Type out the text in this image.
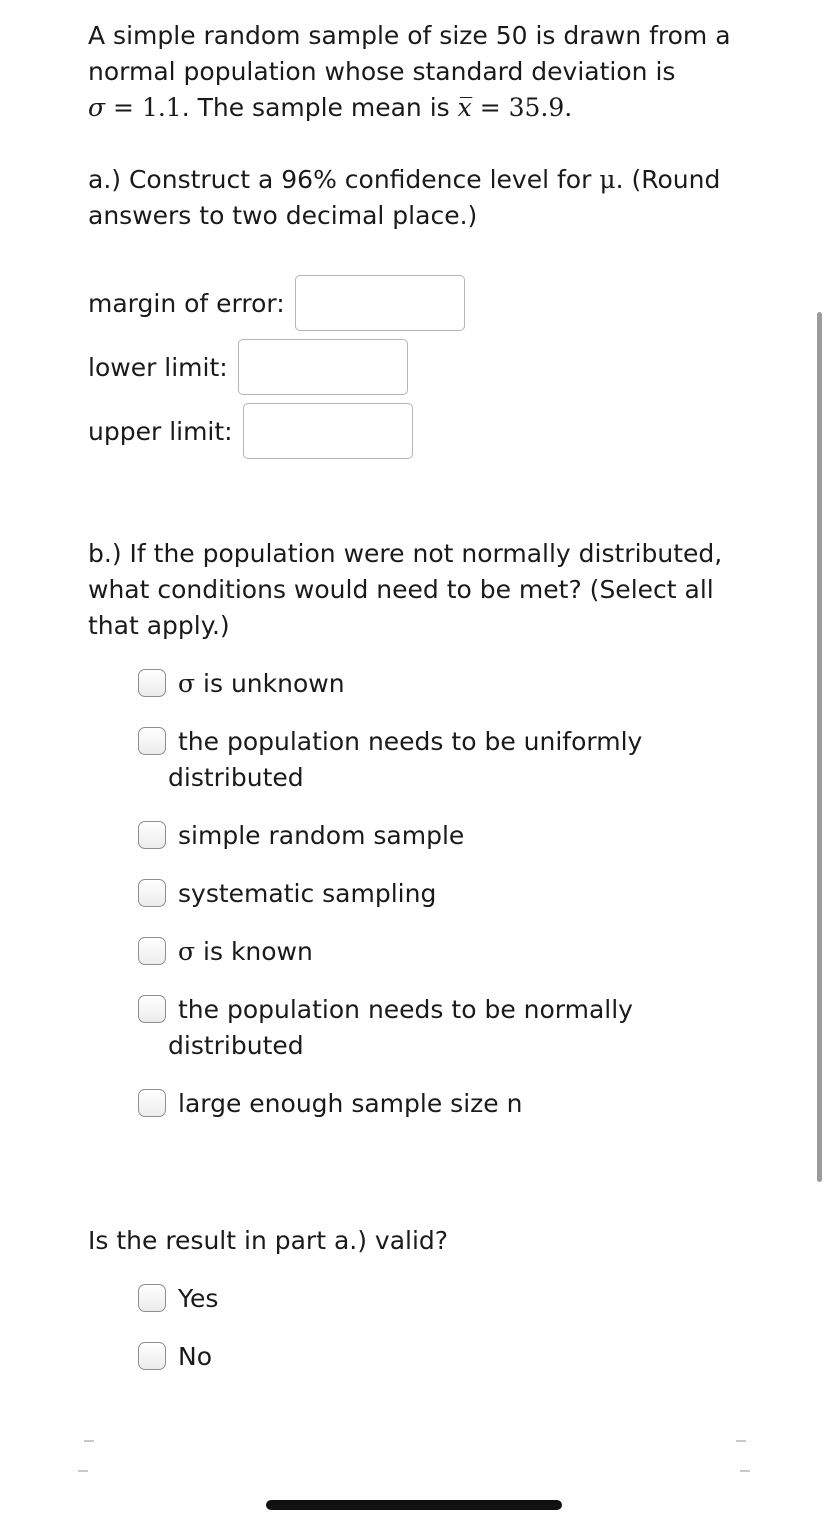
A simple random sample of size 50 is drawn from a
normal population whose standard deviation is
σ = 1.1. The sample mean is x̅ = 35.9.

a.) Construct a 96% confidence level for μ. (Round
answers to two decimal place.)

margin of error:
lower limit:
upper limit:

b.) If the population were not normally distributed,
what conditions would need to be met? (Select all
that apply.)

σ is unknown
the population needs to be uniformly
distributed
simple random sample
systematic sampling
σ is known
the population needs to be normally
distributed
large enough sample size n

Is the result in part a.) valid?

Yes
No
